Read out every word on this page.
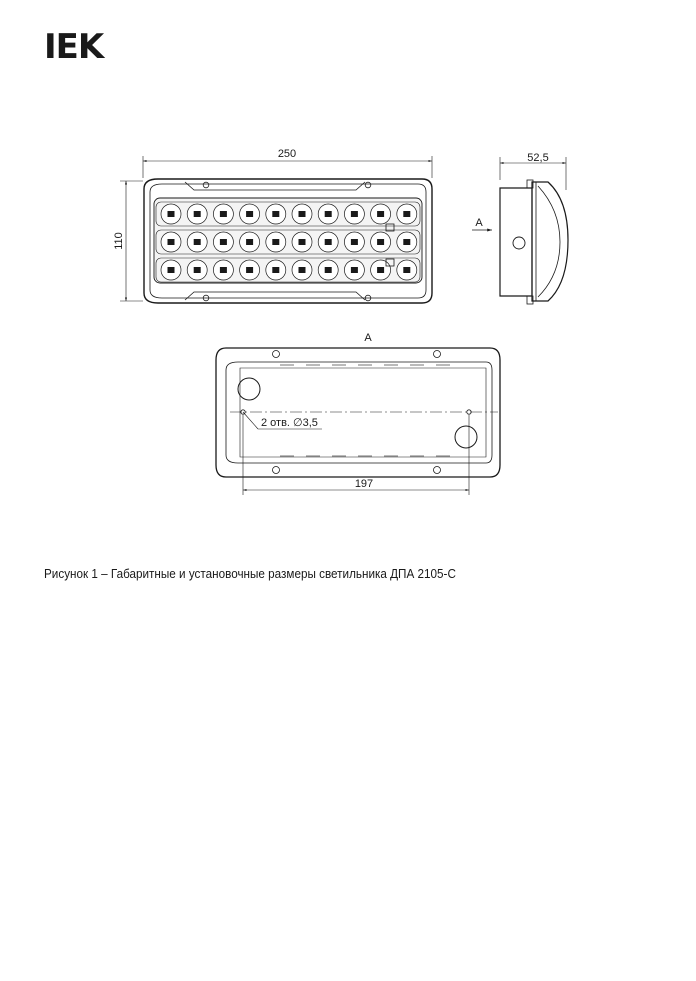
IEK
250
110
52,5
A
A
2 отв. ∅3,5
197
Рисунок 1 – Габаритные и установочные размеры светильника ДПА 2105-С
